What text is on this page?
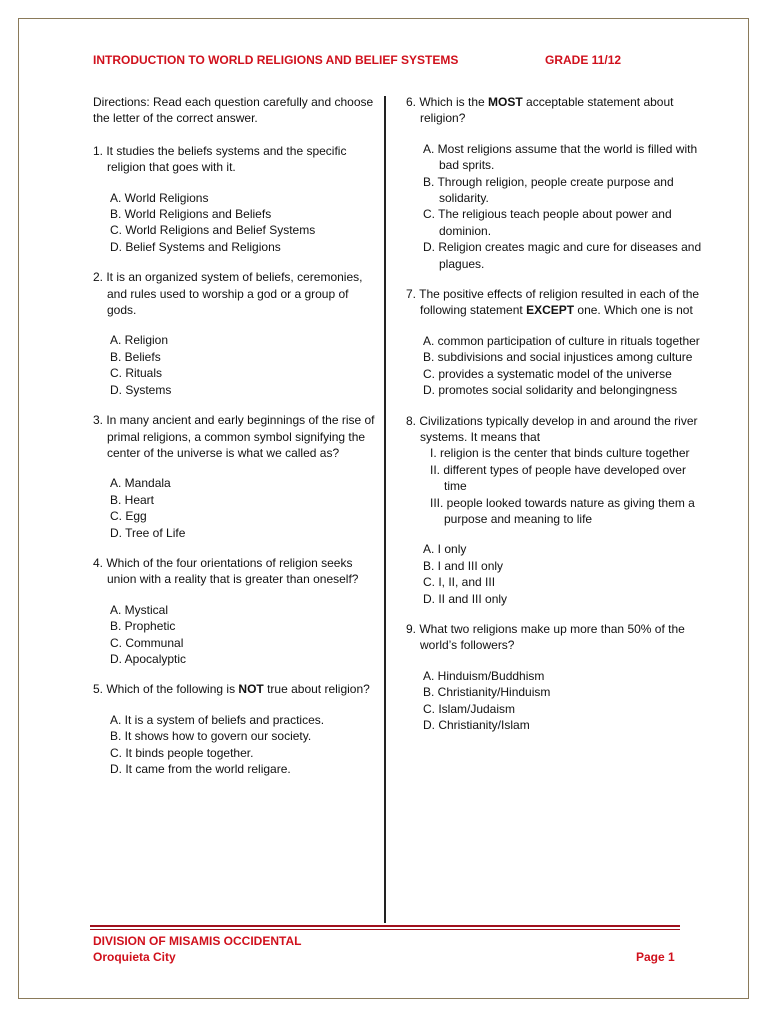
INTRODUCTION TO WORLD RELIGIONS AND BELIEF SYSTEMS	GRADE 11/12
Directions: Read each question carefully and choose the letter of the correct answer.
1. It studies the beliefs systems and the specific religion that goes with it.
A. World Religions
B. World Religions and Beliefs
C. World Religions and Belief Systems
D. Belief Systems and Religions
2. It is an organized system of beliefs, ceremonies, and rules used to worship a god or a group of gods.
A. Religion
B. Beliefs
C. Rituals
D. Systems
3. In many ancient and early beginnings of the rise of primal religions, a common symbol signifying the center of the universe is what we called as?
A. Mandala
B. Heart
C. Egg
D. Tree of Life
4. Which of the four orientations of religion seeks union with a reality that is greater than oneself?
A. Mystical
B. Prophetic
C. Communal
D. Apocalyptic
5. Which of the following is NOT true about religion?
A. It is a system of beliefs and practices.
B. It shows how to govern our society.
C. It binds people together.
D. It came from the world religare.
6. Which is the MOST acceptable statement about religion?
A. Most religions assume that the world is filled with bad sprits.
B. Through religion, people create purpose and solidarity.
C. The religious teach people about power and dominion.
D. Religion creates magic and cure for diseases and plagues.
7. The positive effects of religion resulted in each of the following statement EXCEPT one. Which one is not
A. common participation of culture in rituals together
B. subdivisions and social injustices among culture
C. provides a systematic model of the universe
D. promotes social solidarity and belongingness
8. Civilizations typically develop in and around the river systems. It means that
I. religion is the center that binds culture together
II. different types of people have developed over time
III. people looked towards nature as giving them a purpose and meaning to life
A. I only
B. I and III only
C. I, II, and III
D. II and III only
9. What two religions make up more than 50% of the world’s followers?
A. Hinduism/Buddhism
B. Christianity/Hinduism
C. Islam/Judaism
D. Christianity/Islam
DIVISION OF MISAMIS OCCIDENTAL
Oroquieta City	Page 1
